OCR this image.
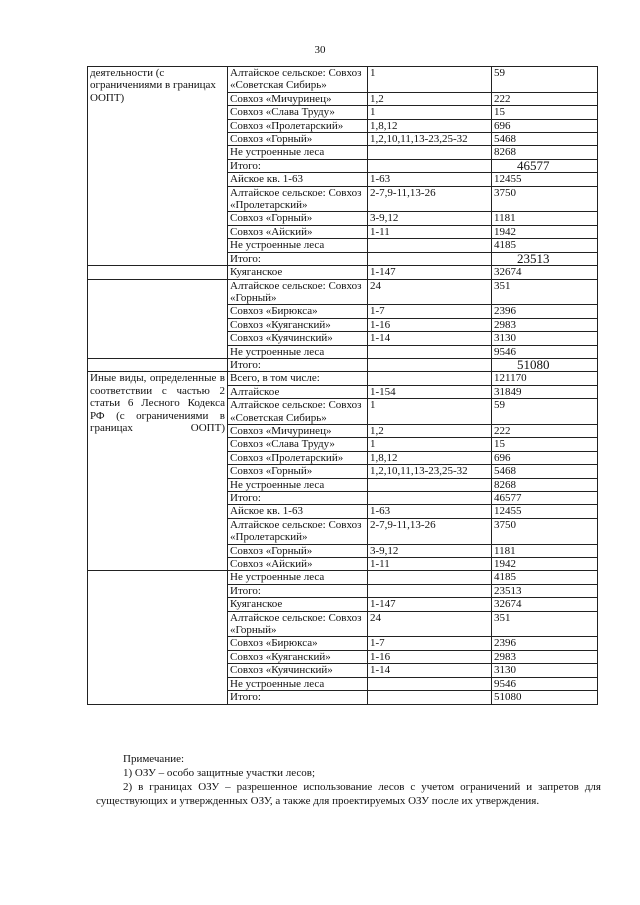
30
деятельности (с ограничениями в границах ООПТ)	Алтайское сельское: Совхоз «Советская Сибирь»	1	59
	Совхоз «Мичуринец»	1,2	222
	Совхоз «Слава Труду»	1	15
	Совхоз «Пролетарский»	1,8,12	696
	Совхоз «Горный»	1,2,10,11,13-23,25-32	5468
	Не устроенные леса		8268
	Итого:		46577
	Айское кв. 1-63	1-63	12455
	Алтайское сельское: Совхоз «Пролетарский»	2-7,9-11,13-26	3750
	Совхоз «Горный»	3-9,12	1181
	Совхоз «Айский»	1-11	1942
	Не устроенные леса		4185
	Итого:		23513

	Куяганское	1-147	32674

	Алтайское сельское: Совхоз «Горный»	24	351
	Совхоз «Бирюкса»	1-7	2396
	Совхоз «Куяганский»	1-16	2983
	Совхоз «Куячинский»	1-14	3130
	Не устроенные леса		9546

	Итого:		51080

Иные виды, определенные в соответствии с частью 2 статьи 6 Лесного Кодекса РФ (с ограничениями в границах ООПТ)	Всего, в том числе:		121170
	Алтайское	1-154	31849
	Алтайское сельское: Совхоз «Советская Сибирь»	1	59
	Совхоз «Мичуринец»	1,2	222
	Совхоз «Слава Труду»	1	15
	Совхоз «Пролетарский»	1,8,12	696
	Совхоз «Горный»	1,2,10,11,13-23,25-32	5468
	Не устроенные леса		8268
	Итого:		46577
	Айское кв. 1-63	1-63	12455
	Алтайское сельское: Совхоз «Пролетарский»	2-7,9-11,13-26	3750
	Совхоз «Горный»	3-9,12	1181
	Совхоз «Айский»	1-11	1942

	Не устроенные леса		4185
	Итого:		23513
	Куяганское	1-147	32674
	Алтайское сельское: Совхоз «Горный»	24	351
	Совхоз «Бирюкса»	1-7	2396
	Совхоз «Куяганский»	1-16	2983
	Совхоз «Куячинский»	1-14	3130
	Не устроенные леса		9546
	Итого:		51080

Примечание:

1) ОЗУ – особо защитные участки лесов;

2) в границах ОЗУ – разрешенное использование лесов с учетом ограничений и запретов для существующих и утвержденных ОЗУ, а также для проектируемых ОЗУ после их утверждения.
